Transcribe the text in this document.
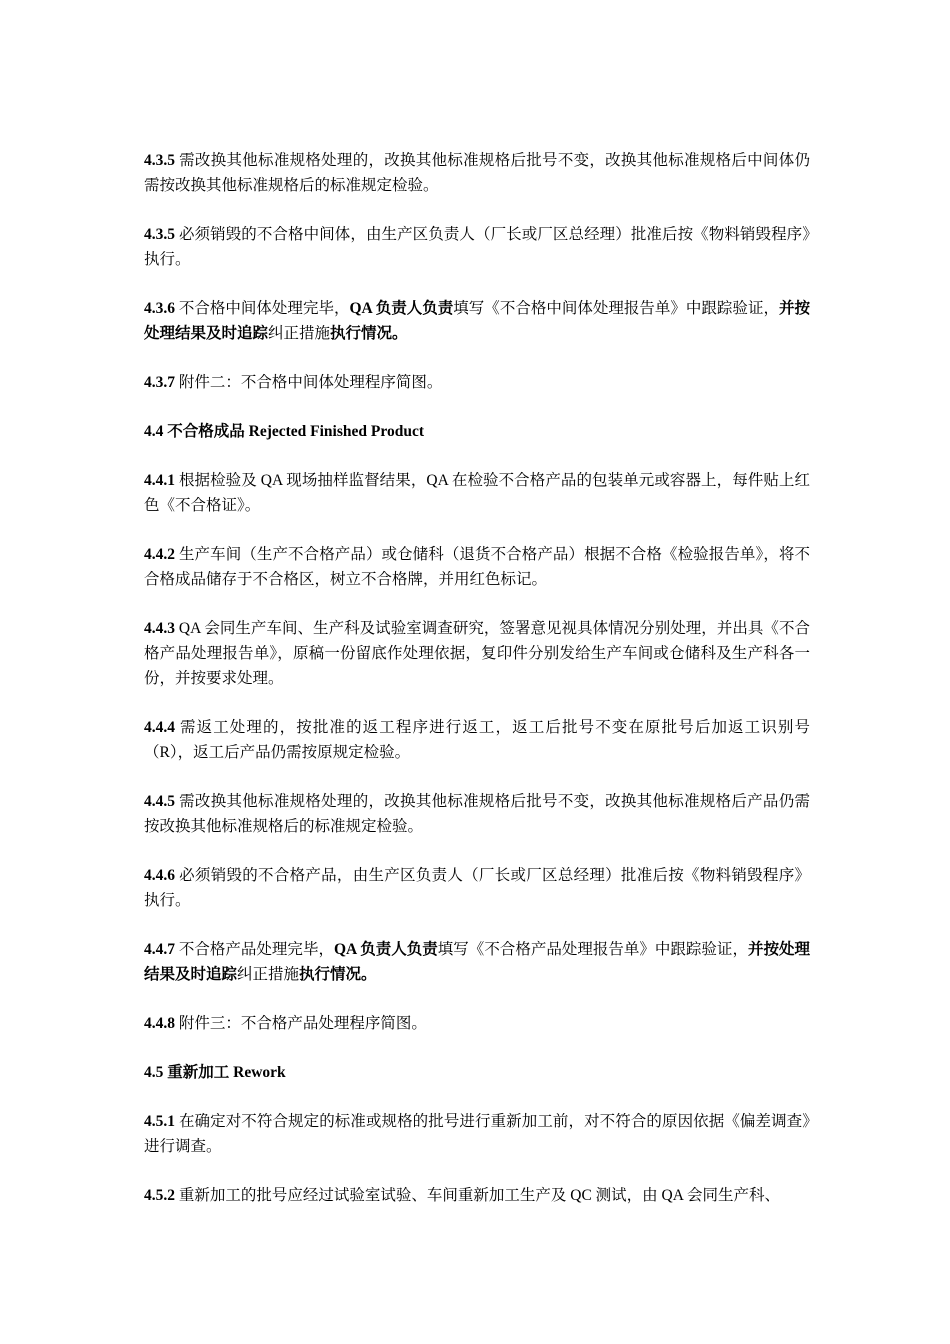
4.3.5 需改换其他标准规格处理的，改换其他标准规格后批号不变，改换其他标准规格后中间体仍需按改换其他标准规格后的标准规定检验。

4.3.5 必须销毁的不合格中间体，由生产区负责人（厂长或厂区总经理）批准后按《物料销毁程序》执行。

4.3.6 不合格中间体处理完毕，QA 负责人负责填写《不合格中间体处理报告单》中跟踪验证，并按处理结果及时追踪纠正措施执行情况。

4.3.7 附件二：不合格中间体处理程序简图。

4.4 不合格成品 Rejected Finished Product

4.4.1 根据检验及 QA 现场抽样监督结果，QA 在检验不合格产品的包装单元或容器上，每件贴上红色《不合格证》。

4.4.2 生产车间（生产不合格产品）或仓储科（退货不合格产品）根据不合格《检验报告单》，将不合格成品储存于不合格区，树立不合格牌，并用红色标记。

4.4.3 QA 会同生产车间、生产科及试验室调查研究，签署意见视具体情况分别处理，并出具《不合格产品处理报告单》，原稿一份留底作处理依据，复印件分别发给生产车间或仓储科及生产科各一份，并按要求处理。

4.4.4 需返工处理的，按批准的返工程序进行返工，返工后批号不变在原批号后加返工识别号（R），返工后产品仍需按原规定检验。

4.4.5 需改换其他标准规格处理的，改换其他标准规格后批号不变，改换其他标准规格后产品仍需按改换其他标准规格后的标准规定检验。

4.4.6 必须销毁的不合格产品，由生产区负责人（厂长或厂区总经理）批准后按《物料销毁程序》执行。

4.4.7 不合格产品处理完毕，QA 负责人负责填写《不合格产品处理报告单》中跟踪验证，并按处理结果及时追踪纠正措施执行情况。

4.4.8 附件三：不合格产品处理程序简图。

4.5 重新加工 Rework

4.5.1 在确定对不符合规定的标准或规格的批号进行重新加工前，对不符合的原因依据《偏差调查》进行调查。

4.5.2 重新加工的批号应经过试验室试验、车间重新加工生产及 QC 测试，由 QA 会同生产科、
